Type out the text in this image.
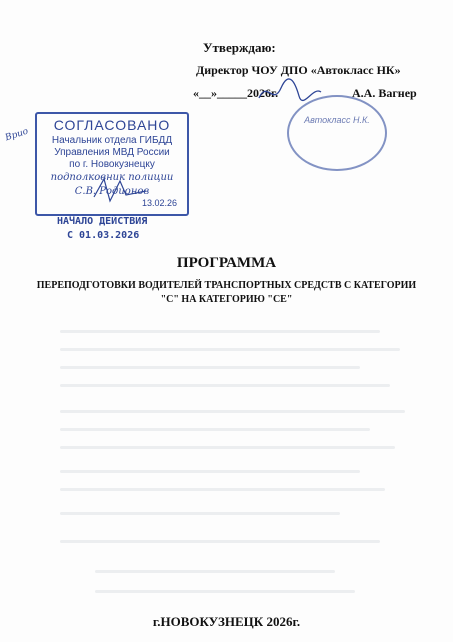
Утверждаю:
Директор ЧОУ ДПО «Автокласс НК»
«__»_____2026г.	А.А. Вагнер
Автокласс Н.К.
Врио
СОГЛАСОВАНО
Начальник отдела ГИБДД
Управления МВД России
по г. Новокузнецку
подполковник полиции
С.В. Родионов
13.02.26
НАЧАЛО ДЕЙСТВИЯ
С 01.03.2026
ПРОГРАММА
ПЕРЕПОДГОТОВКИ ВОДИТЕЛЕЙ ТРАНСПОРТНЫХ СРЕДСТВ С КАТЕГОРИИ
"C" НА КАТЕГОРИЮ "CE"
г.НОВОКУЗНЕЦК 2026г.
